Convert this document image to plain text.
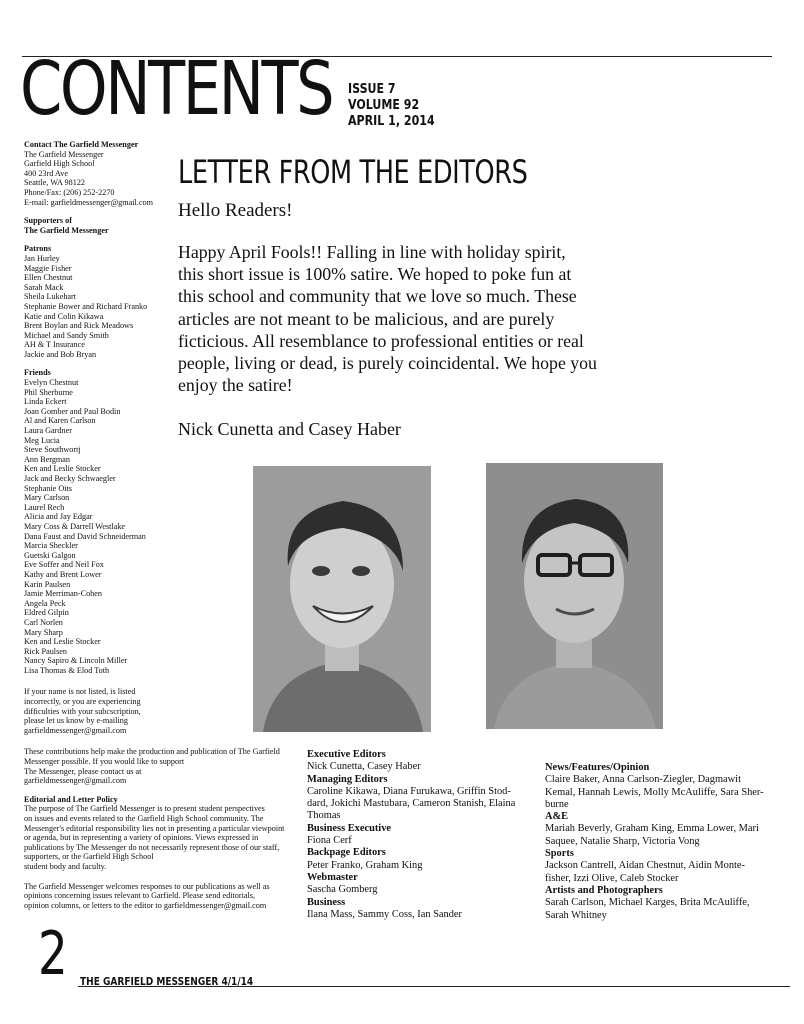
CONTENTS ISSUE 7
VOLUME 92
APRIL 1, 2014
Contact The Garfield Messenger
The Garfield Messenger
Garfield High School
400 23rd Ave
Seattle, WA 98122
Phone/Fax: (206) 252-2270
E-mail: garfieldmessenger@gmail.com
Supporters of
The Garfield Messenger
Patrons
Jan Hurley
Maggie Fisher
Ellen Chestnut
Sarah Mack
Sheila Lukehart
Stephanie Bower and Richard Franko
Katie and Colin Kikawa
Brent Boylan and Rick Meadows
Michael and Sandy Smith
AH & T Insurance
Jackie and Bob Bryan
Friends
Evelyn Chestnut
Phil Sherburne
Linda Eckert
Joan Gomber and Paul Bodin
Al and Karen Carlson
Laura Gardner
Meg Lucia
Steve Southwortj
Ann Bergman
Ken and Leslie Stocker
Jack and Becky Schwaegler
Stephanie Oits
Mary Carlson
Laurel Rech
Alicia and Jay Edgar
Mary Coss & Darrell Westlake
Dana Faust and David Schneiderman
Marcia Sheckler
Guetski Galgon
Eve Soffer and Neil Fox
Kathy and Brent Lower
Karin Paulsen
Jamie Merriman-Cohen
Angela Peck
Eldred Gilpin
Carl Norlen
Mary Sharp
Ken and Leslie Stocker
Rick Paulsen
Nancy Sapiro & Lincoln Miller
Lisa Thomas & Elod Toth
If your name is not listed, is listed
incorrectly, or you are experiencing
difficulties with your subcscription,
please let us know by e-mailing
garfieldmessenger@gmail.com
These contributions help make the production and publication of The Garfield
Messenger possible. If you would like to support
The Messenger, please contact us at
garfieldmessenger@gmail.com
Editorial and Letter Policy
The purpose of The Garfield Messenger is to present student perspectives
on issues and events related to the Garfield High School community. The
Messenger's editorial responsibility lies not in presenting a particular viewpoint
or agenda, but in representing a variety of opinions. Views expressed in
publications by The Messenger do not necessarily represent those of our staff,
supporters, or the Garfield High School
student body and faculty.
The Garfield Messenger welcomes responses to our publications as well as
opinions concerning issues relevant to Garfield. Please send editorials,
opinion columns, or letters to the editor to garfieldmessenger@gmail.com
LETTER FROM THE EDITORS
Hello Readers!
Happy April Fools!! Falling in line with holiday spirit,
this short issue is 100% satire. We hoped to poke fun at
this school and community that we love so much. These
articles are not meant to be malicious, and are purely
ficticious. All resemblance to professional entities or real
people, living or dead, is purely coincidental. We hope you
enjoy the satire!
Nick Cunetta and Casey Haber
Executive Editors
Nick Cunetta, Casey Haber
Managing Editors
Caroline Kikawa, Diana Furukawa, Griffin Stod-
dard, Jokichi Mastubara, Cameron Stanish, Elaina
Thomas
Business Executive
Fiona Cerf
Backpage Editors
Peter Franko, Graham King
Webmaster
Sascha Gomberg
Business
Ilana Mass, Sammy Coss, Ian Sander
News/Features/Opinion
Claire Baker, Anna Carlson-Ziegler, Dagmawit
Kemal, Hannah Lewis, Molly McAuliffe, Sara Sher-
burne
A&E
Mariah Beverly, Graham King, Emma Lower, Mari
Saquee, Natalie Sharp, Victoria Vong
Sports
Jackson Cantrell, Aidan Chestnut, Aidin Monte-
fisher, Izzi Olive, Caleb Stocker
Artists and Photographers
Sarah Carlson, Michael Karges, Brita McAuliffe,
Sarah Whitney
2 THE GARFIELD MESSENGER 4/1/14
